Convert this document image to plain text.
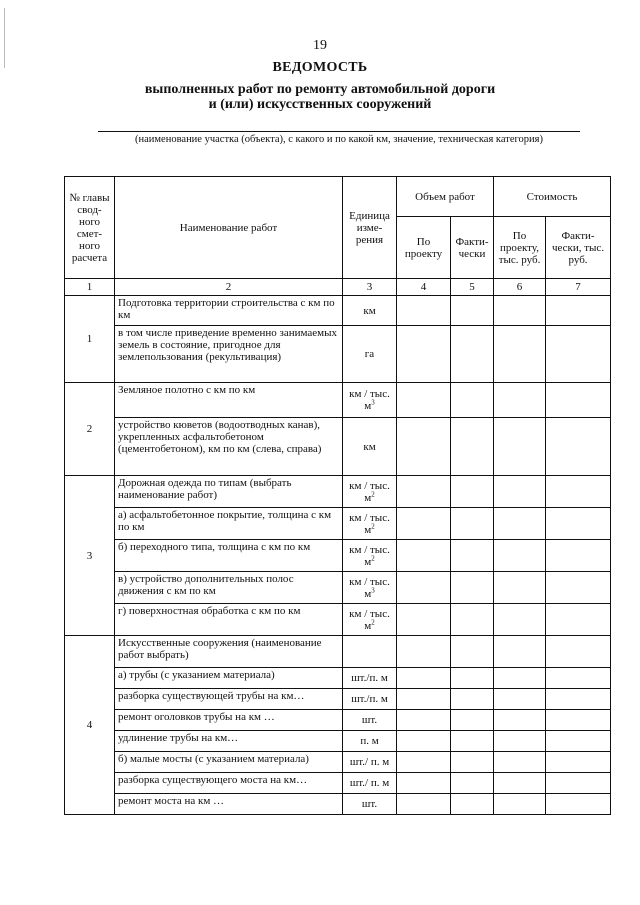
19
ВЕДОМОСТЬ
выполненных работ по ремонту автомобильной дороги
и (или) искусственных сооружений
(наименование участка (объекта), с какого и по какой км, значение, техническая категория)
№ главы свод- ного смет- ного расчета	Наименование работ	Единица изме- рения	Объем работ		Стоимость	
			По проекту	Факти- чески	По проекту, тыс. руб.	Факти- чески, тыс. руб.
1	2	3	4	5	6	7
1	Подготовка территории строительства с км по км	км				
	в том числе приведение временно занимаемых земель в состояние, пригодное для землепользования (рекультивация)	га				
2	Земляное полотно с км по км	км / тыс. $м^3$				
	устройство кюветов (водоотводных канав), укрепленных асфальтобетоном (цементобетоном), км по км (слева, справа)	км				
3	Дорожная одежда по типам (выбрать наименование работ)	км / тыс. $м^2$				
	а) асфальтобетонное покрытие, толщина с км по км	км / тыс. $м^2$				
	б) переходного типа, толщина с км по км	км / тыс. $м^2$				
	в) устройство дополнительных полос движения с км по км	км / тыс. $м^3$				
	г) поверхностная обработка с км по км	км / тыс. $м^2$				
4	Искусственные сооружения (наименование работ выбрать)					
	а) трубы (с указанием материала)	шт./п. м				
	разборка существующей трубы на км…	шт./п. м				
	ремонт оголовков трубы на км …	шт.				
	удлинение трубы на км…	п. м				
	б) малые мосты (с указанием материала)	шт./ п. м				
	разборка существующего моста на км…	шт./ п. м				
	ремонт моста на км …	шт.				
